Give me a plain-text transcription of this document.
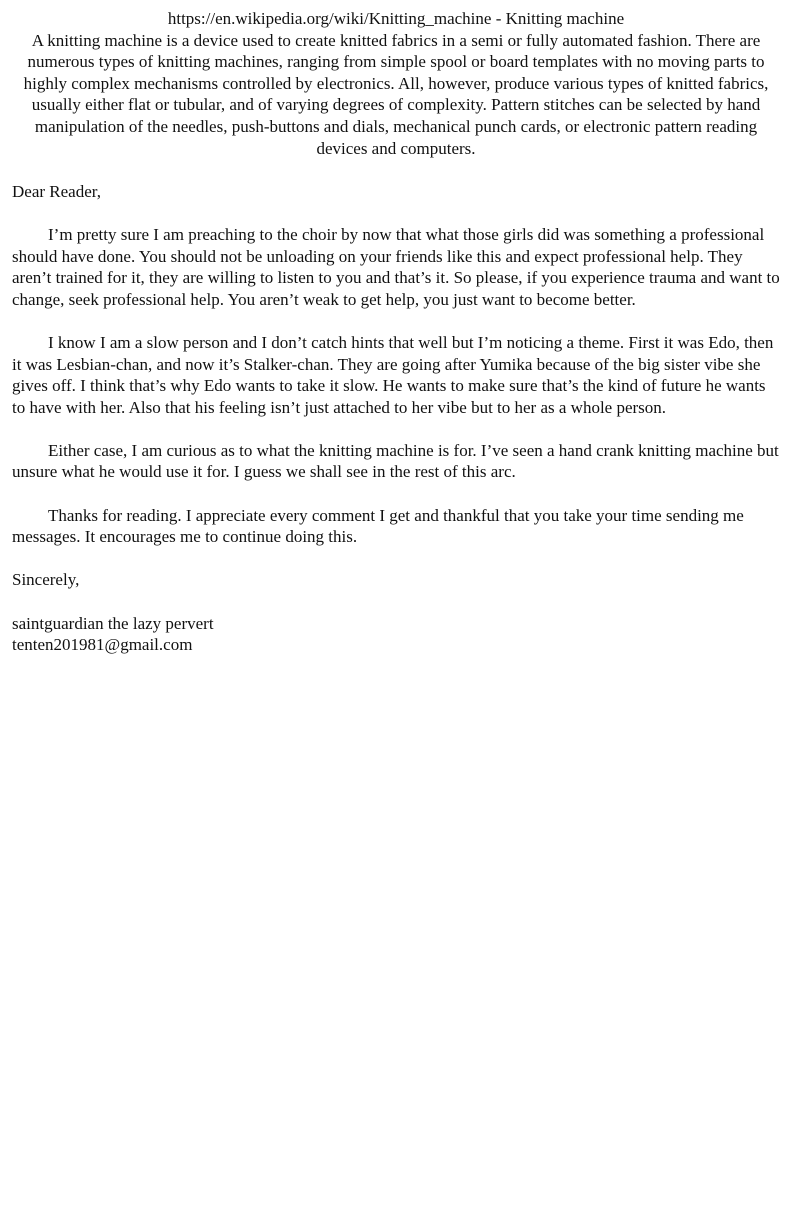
https://en.wikipedia.org/wiki/Knitting_machine - Knitting machine
A knitting machine is a device used to create knitted fabrics in a semi or fully automated fashion. There are numerous types of knitting machines, ranging from simple spool or board templates with no moving parts to highly complex mechanisms controlled by electronics. All, however, produce various types of knitted fabrics, usually either flat or tubular, and of varying degrees of complexity. Pattern stitches can be selected by hand manipulation of the needles, push-buttons and dials, mechanical punch cards, or electronic pattern reading devices and computers.

Dear Reader,

I’m pretty sure I am preaching to the choir by now that what those girls did was something a professional should have done. You should not be unloading on your friends like this and expect professional help. They aren’t trained for it, they are willing to listen to you and that’s it. So please, if you experience trauma and want to change, seek professional help. You aren’t weak to get help, you just want to become better.

I know I am a slow person and I don’t catch hints that well but I’m noticing a theme. First it was Edo, then it was Lesbian-chan, and now it’s Stalker-chan. They are going after Yumika because of the big sister vibe she gives off. I think that’s why Edo wants to take it slow. He wants to make sure that’s the kind of future he wants to have with her. Also that his feeling isn’t just attached to her vibe but to her as a whole person.

Either case, I am curious as to what the knitting machine is for. I’ve seen a hand crank knitting machine but unsure what he would use it for. I guess we shall see in the rest of this arc.

Thanks for reading. I appreciate every comment I get and thankful that you take your time sending me messages. It encourages me to continue doing this.

Sincerely,

saintguardian the lazy pervert

tenten201981@gmail.com
